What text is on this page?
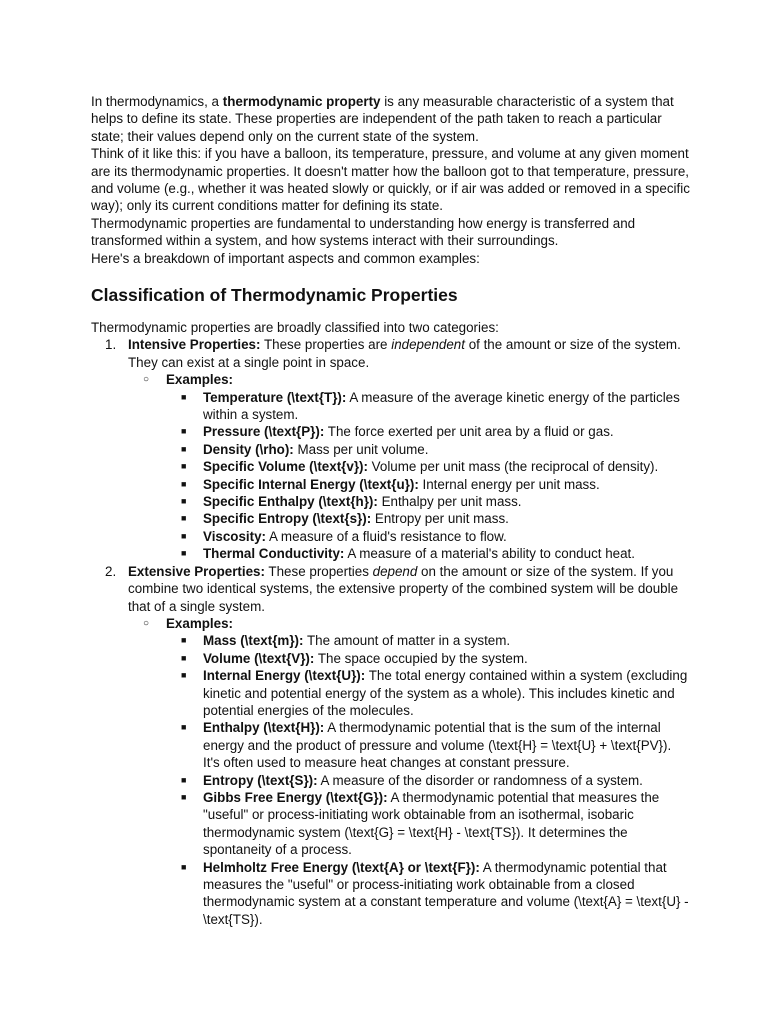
In thermodynamics, a thermodynamic property is any measurable characteristic of a system that helps to define its state. These properties are independent of the path taken to reach a particular state; their values depend only on the current state of the system.

Think of it like this: if you have a balloon, its temperature, pressure, and volume at any given moment are its thermodynamic properties. It doesn't matter how the balloon got to that temperature, pressure, and volume (e.g., whether it was heated slowly or quickly, or if air was added or removed in a specific way); only its current conditions matter for defining its state.

Thermodynamic properties are fundamental to understanding how energy is transferred and transformed within a system, and how systems interact with their surroundings.

Here's a breakdown of important aspects and common examples:

Classification of Thermodynamic Properties

Thermodynamic properties are broadly classified into two categories:

1. Intensive Properties: These properties are independent of the amount or size of the system. They can exist at a single point in space.
○ Examples:
■ Temperature (\text{T}): A measure of the average kinetic energy of the particles within a system.
■ Pressure (\text{P}): The force exerted per unit area by a fluid or gas.
■ Density (\rho): Mass per unit volume.
■ Specific Volume (\text{v}): Volume per unit mass (the reciprocal of density).
■ Specific Internal Energy (\text{u}): Internal energy per unit mass.
■ Specific Enthalpy (\text{h}): Enthalpy per unit mass.
■ Specific Entropy (\text{s}): Entropy per unit mass.
■ Viscosity: A measure of a fluid's resistance to flow.
■ Thermal Conductivity: A measure of a material's ability to conduct heat.
2. Extensive Properties: These properties depend on the amount or size of the system. If you combine two identical systems, the extensive property of the combined system will be double that of a single system.
○ Examples:
■ Mass (\text{m}): The amount of matter in a system.
■ Volume (\text{V}): The space occupied by the system.
■ Internal Energy (\text{U}): The total energy contained within a system (excluding kinetic and potential energy of the system as a whole). This includes kinetic and potential energies of the molecules.
■ Enthalpy (\text{H}): A thermodynamic potential that is the sum of the internal energy and the product of pressure and volume (\text{H} = \text{U} + \text{PV}). It's often used to measure heat changes at constant pressure.
■ Entropy (\text{S}): A measure of the disorder or randomness of a system.
■ Gibbs Free Energy (\text{G}): A thermodynamic potential that measures the "useful" or process-initiating work obtainable from an isothermal, isobaric thermodynamic system (\text{G} = \text{H} - \text{TS}). It determines the spontaneity of a process.
■ Helmholtz Free Energy (\text{A} or \text{F}): A thermodynamic potential that measures the "useful" or process-initiating work obtainable from a closed thermodynamic system at a constant temperature and volume (\text{A} = \text{U} - \text{TS}).
